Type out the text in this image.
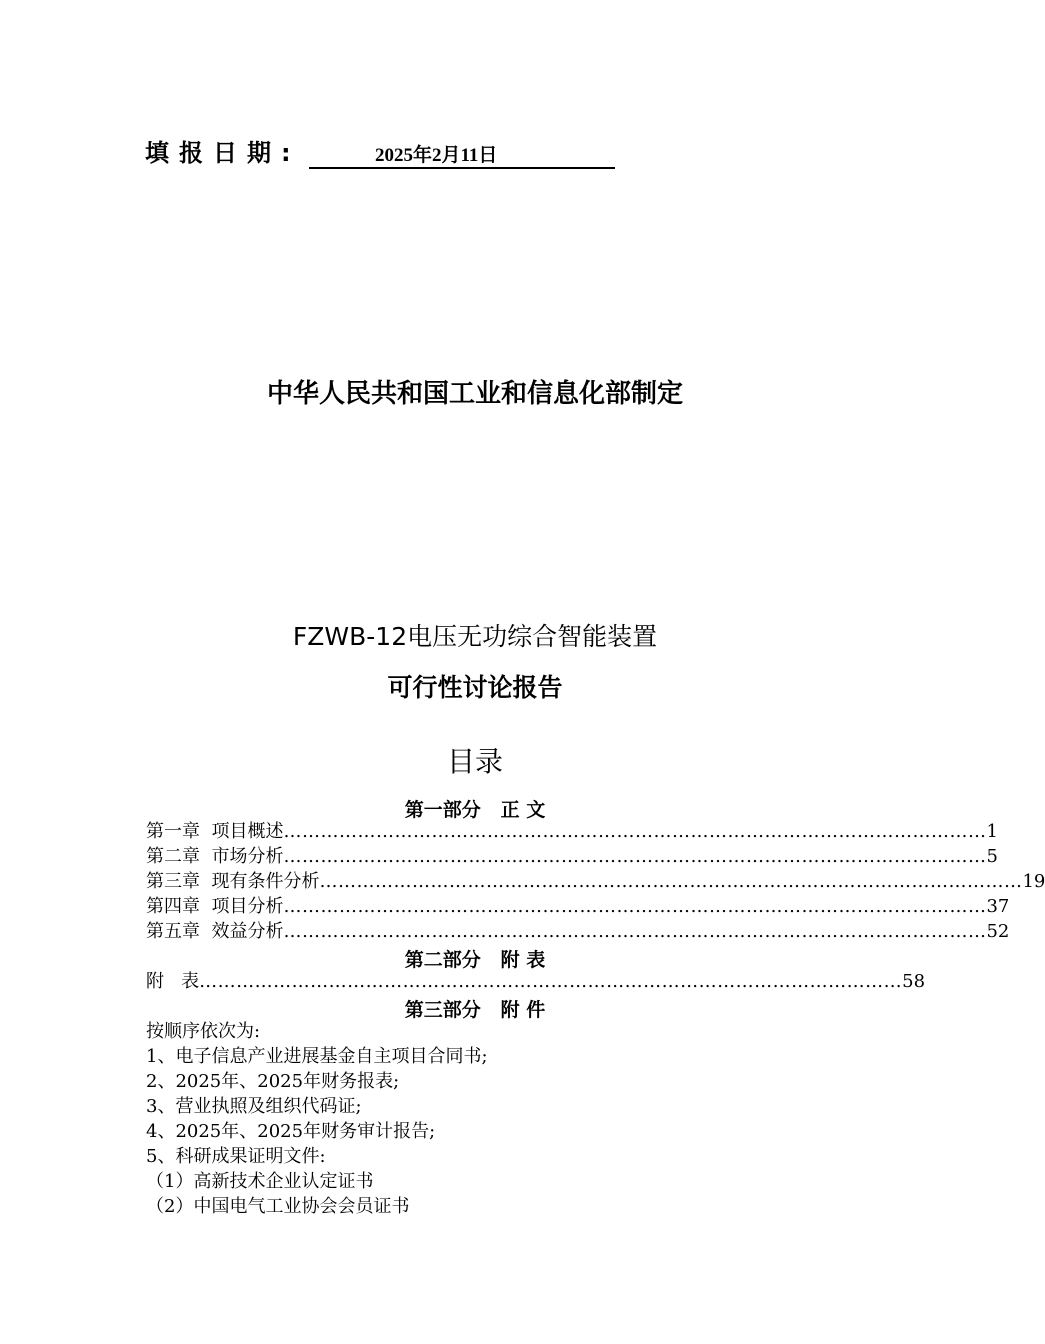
填报日期:	2025年2月11日
中华人民共和国工业和信息化部制定
FZWB-12电压无功综合智能装置
可行性讨论报告
目录
第一部分   正 文
第一章  项目概述 …………………………………………………………………………………………………… 1
第二章  市场分析 …………………………………………………………………………………………………… 5
第三章  现有条件分析 …………………………………………………………………………………………………… 19
第四章  项目分析 …………………………………………………………………………………………………… 37
第五章  效益分析 …………………………………………………………………………………………………… 52
第二部分   附 表
附   表 …………………………………………………………………………………………………… 58
第三部分   附 件
按顺序依次为:
1、电子信息产业进展基金自主项目合同书;
2、2025年、2025年财务报表;
3、营业执照及组织代码证;
4、2025年、2025年财务审计报告;
5、科研成果证明文件:
（1）高新技术企业认定证书
（2）中国电气工业协会会员证书
